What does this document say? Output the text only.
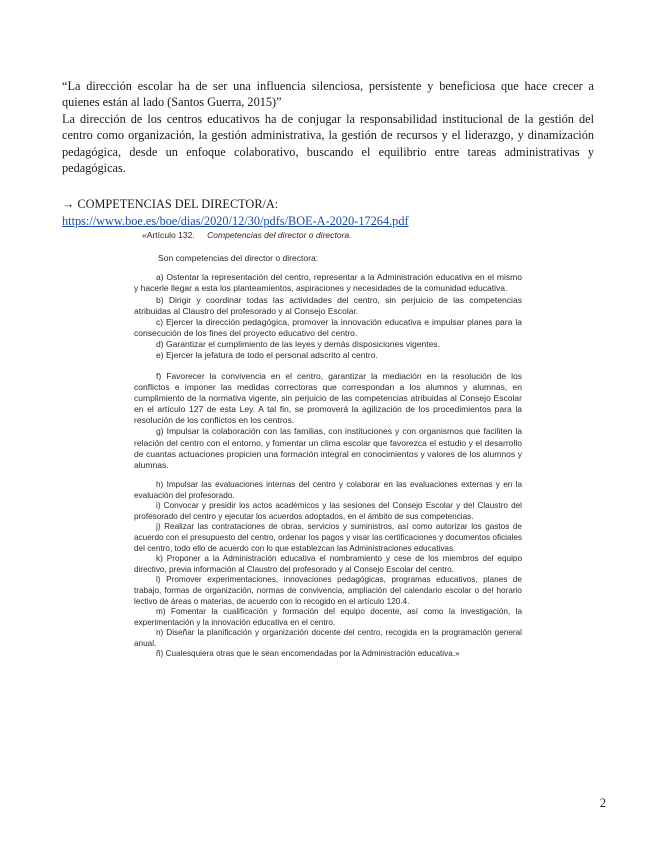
“La dirección escolar ha de ser una influencia silenciosa, persistente y beneficiosa que hace crecer a quienes están al lado (Santos Guerra, 2015)”

La dirección de los centros educativos ha de conjugar la responsabilidad institucional de la gestión del centro como organización, la gestión administrativa, la gestión de recursos y el liderazgo, y dinamización pedagógica, desde un enfoque colaborativo, buscando el equilibrio entre tareas administrativas y pedagógicas.

→ COMPETENCIAS DEL DIRECTOR/A:
https://www.boe.es/boe/dias/2020/12/30/pdfs/BOE-A-2020-17264.pdf

«Artículo 132. Competencias del director o directora.

Son competencias del director o directora:

a) Ostentar la representación del centro, representar a la Administración educativa en el mismo y hacerle llegar a esta los planteamientos, aspiraciones y necesidades de la comunidad educativa.

b) Dirigir y coordinar todas las actividades del centro, sin perjuicio de las competencias atribuidas al Claustro del profesorado y al Consejo Escolar.

c) Ejercer la dirección pedagógica, promover la innovación educativa e impulsar planes para la consecución de los fines del proyecto educativo del centro.

d) Garantizar el cumplimiento de las leyes y demás disposiciones vigentes.

e) Ejercer la jefatura de todo el personal adscrito al centro.

f) Favorecer la convivencia en el centro, garantizar la mediación en la resolución de los conflictos e imponer las medidas correctoras que correspondan a los alumnos y alumnas, en cumplimiento de la normativa vigente, sin perjuicio de las competencias atribuidas al Consejo Escolar en el artículo 127 de esta Ley. A tal fin, se promoverá la agilización de los procedimientos para la resolución de los conflictos en los centros.

g) Impulsar la colaboración con las familias, con instituciones y con organismos que faciliten la relación del centro con el entorno, y fomentar un clima escolar que favorezca el estudio y el desarrollo de cuantas actuaciones propicien una formación integral en conocimientos y valores de los alumnos y alumnas.

h) Impulsar las evaluaciones internas del centro y colaborar en las evaluaciones externas y en la evaluación del profesorado.

i) Convocar y presidir los actos académicos y las sesiones del Consejo Escolar y del Claustro del profesorado del centro y ejecutar los acuerdos adoptados, en el ámbito de sus competencias.

j) Realizar las contrataciones de obras, servicios y suministros, así como autorizar los gastos de acuerdo con el presupuesto del centro, ordenar los pagos y visar las certificaciones y documentos oficiales del centro, todo ello de acuerdo con lo que establezcan las Administraciones educativas.

k) Proponer a la Administración educativa el nombramiento y cese de los miembros del equipo directivo, previa información al Claustro del profesorado y al Consejo Escolar del centro.

l) Promover experimentaciones, innovaciones pedagógicas, programas educativos, planes de trabajo, formas de organización, normas de convivencia, ampliación del calendario escolar o del horario lectivo de áreas o materias, de acuerdo con lo recogido en el artículo 120.4.

m) Fomentar la cualificación y formación del equipo docente, así como la investigación, la experimentación y la innovación educativa en el centro.

n) Diseñar la planificación y organización docente del centro, recogida en la programación general anual.

ñ) Cualesquiera otras que le sean encomendadas por la Administración educativa.»

2
